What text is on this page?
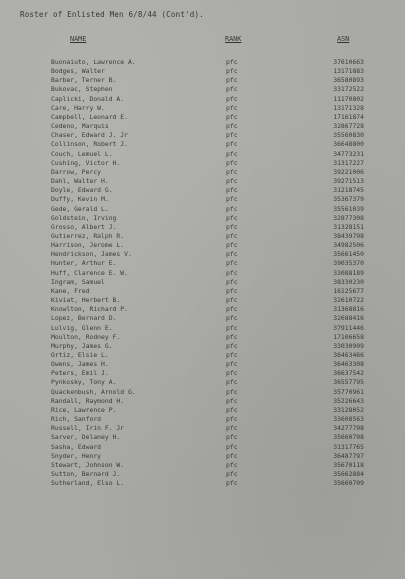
Roster of Enlisted Men 6/8/44 (Cont'd).
NAME	RANK	ASN
Buonaiuto, Lawrence A.	pfc	37610663
Bodges, Walter	pfc	13171883
Barber, Terner B.	pfc	36580893
Bukovac, Stephen	pfc	33172522
Caplicki, Donald A.	pfc	11170802
Care, Harry W.	pfc	13171328
Campbell, Leonard E.	pfc	17161874
Cedeno, Marquis	pfc	32867728
Chaser, Edward J. Jr	pfc	35560830
Collinson, Robert J.	pfc	36648800
Couch, Lemuel L.	pfc	34773231
Cushing, Victor H.	pfc	31317227
Darrow, Percy	pfc	39221006
Dahl, Walter H.	pfc	39271513
Doyle, Edward G.	pfc	31218745
Duffy, Kevin M.	pfc	35367379
Gede, Gerald L.	pfc	35561039
Goldstein, Irving	pfc	32877308
Grosso, Albert J.	pfc	31328151
Gutierrez, Ralph R.	pfc	38439798
Harrison, Jerome L.	pfc	34982506
Hendrickson, James V.	pfc	35661450
Hunter, Arthur E.	pfc	39035370
Huff, Clarence E. W.	pfc	33088189
Ingram, Samuel	pfc	38330230
Kane, Fred	pfc	16125677
Kiviat, Herbert B.	pfc	32610722
Knowlton, Richard P.	pfc	31368816
Lopez, Bernard D.	pfc	32688416
Lulvig, Glenn E.	pfc	37911446
Moulton, Rodney F.	pfc	17106658
Murphy, James G.	pfc	33030909
Ortiz, Elsie L.	pfc	36463466
Owens, James H.	pfc	36463308
Peters, Emil J.	pfc	36637542
Pynkosky, Tony A.	pfc	36557795
Quackenbush, Arnold G.	pfc	35770961
Randall, Raymond H.	pfc	35226643
Rice, Lawrence P.	pfc	33128052
Rich, Sanford	pfc	33608563
Russell, Irin F. Jr	pfc	34277798
Sarver, Delaney H.	pfc	35660798
Sasha, Edward	pfc	31317765
Snyder, Henry	pfc	36487797
Stewart, Johnson W.	pfc	35670118
Sutton, Bernard J.	pfc	35662884
Sutherland, Elso L.	pfc	35660709
